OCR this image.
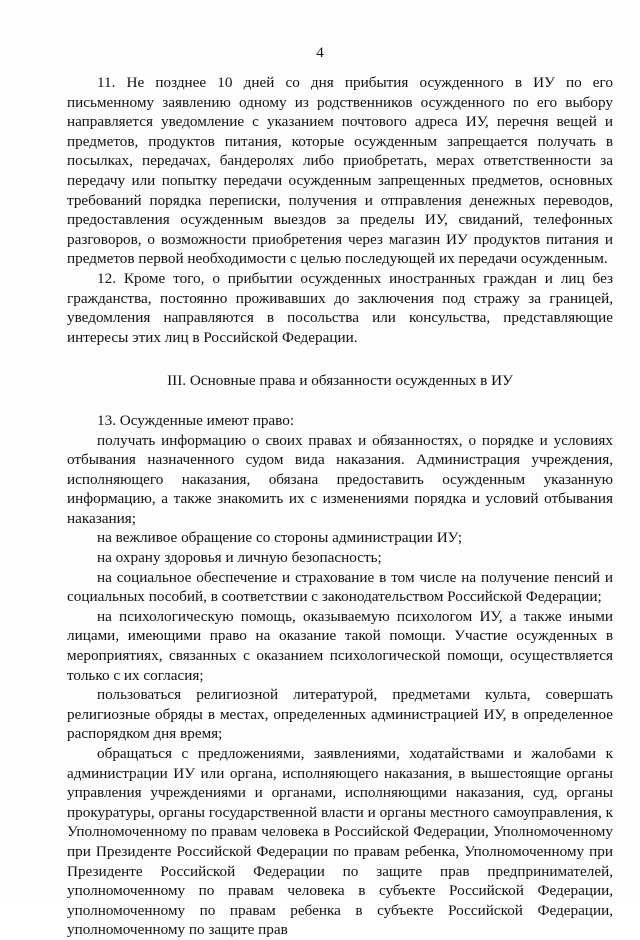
4

11. Не позднее 10 дней со дня прибытия осужденного в ИУ по его письменному заявлению одному из родственников осужденного по его выбору направляется уведомление с указанием почтового адреса ИУ, перечня вещей и предметов, продуктов питания, которые осужденным запрещается получать в посылках, передачах, бандеролях либо приобретать, мерах ответственности за передачу или попытку передачи осужденным запрещенных предметов, основных требований порядка переписки, получения и отправления денежных переводов, предоставления осужденным выездов за пределы ИУ, свиданий, телефонных разговоров, о возможности приобретения через магазин ИУ продуктов питания и предметов первой необходимости с целью последующей их передачи осужденным.

12. Кроме того, о прибытии осужденных иностранных граждан и лиц без гражданства, постоянно проживавших до заключения под стражу за границей, уведомления направляются в посольства или консульства, представляющие интересы этих лиц в Российской Федерации.

III. Основные права и обязанности осужденных в ИУ

13. Осужденные имеют право:

получать информацию о своих правах и обязанностях, о порядке и условиях отбывания назначенного судом вида наказания. Администрация учреждения, исполняющего наказания, обязана предоставить осужденным указанную информацию, а также знакомить их с изменениями порядка и условий отбывания наказания;

на вежливое обращение со стороны администрации ИУ;

на охрану здоровья и личную безопасность;

на социальное обеспечение и страхование в том числе на получение пенсий и социальных пособий, в соответствии с законодательством Российской Федерации;

на психологическую помощь, оказываемую психологом ИУ, а также иными лицами, имеющими право на оказание такой помощи. Участие осужденных в мероприятиях, связанных с оказанием психологической помощи, осуществляется только с их согласия;

пользоваться религиозной литературой, предметами культа, совершать религиозные обряды в местах, определенных администрацией ИУ, в определенное распорядком дня время;

обращаться с предложениями, заявлениями, ходатайствами и жалобами к администрации ИУ или органа, исполняющего наказания, в вышестоящие органы управления учреждениями и органами, исполняющими наказания, суд, органы прокуратуры, органы государственной власти и органы местного самоуправления, к Уполномоченному по правам человека в Российской Федерации, Уполномоченному при Президенте Российской Федерации по правам ребенка, Уполномоченному при Президенте Российской Федерации по защите прав предпринимателей, уполномоченному по правам человека в субъекте Российской Федерации, уполномоченному по правам ребенка в субъекте Российской Федерации, уполномоченному по защите прав
